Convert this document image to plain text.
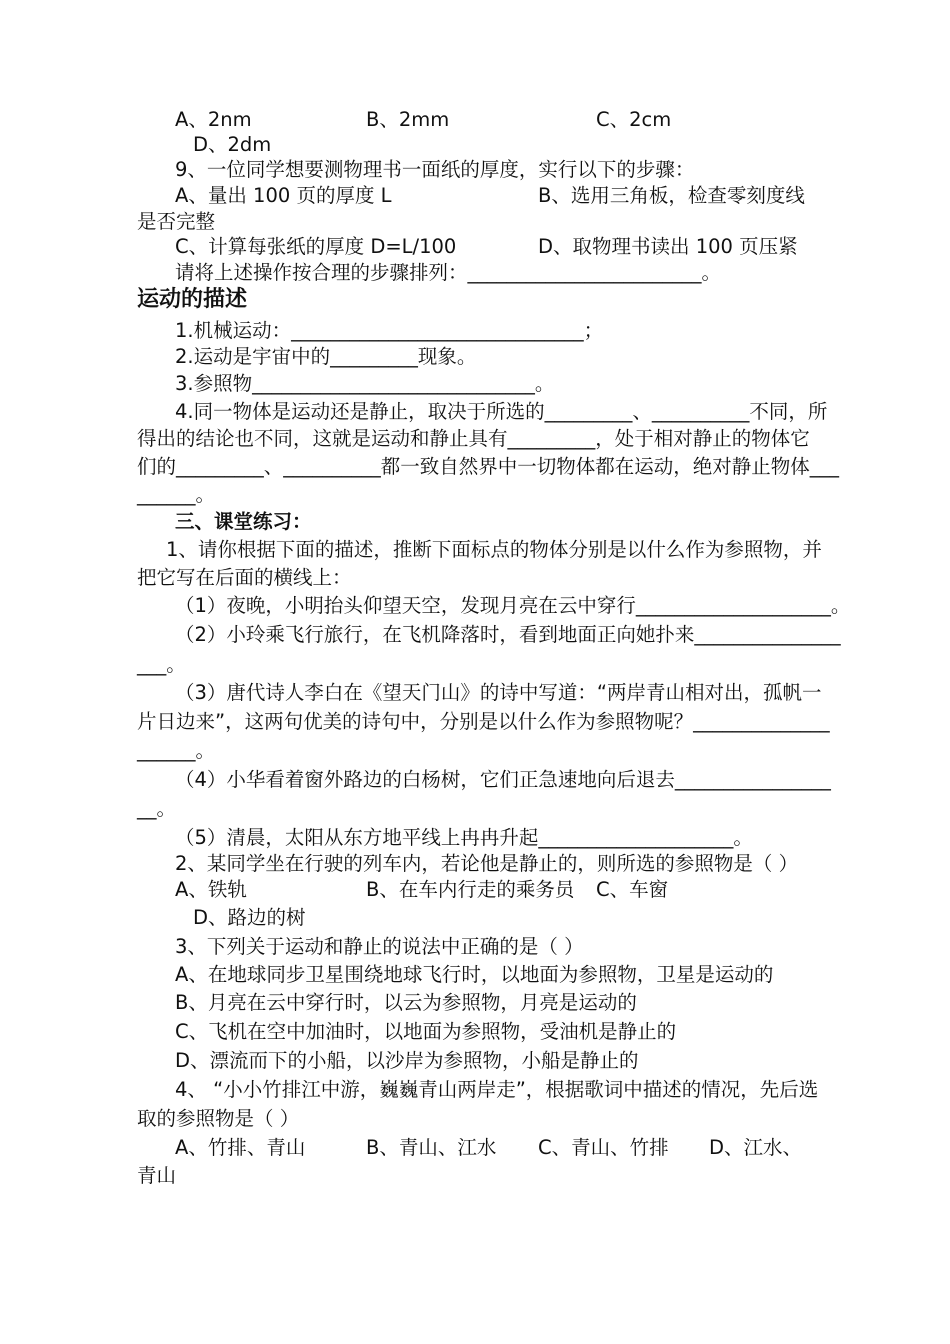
A、2nm	B、2mm	C、2cm
D、2dm
9、一位同学想要测物理书一面纸的厚度，实行以下的步骤：
A、量出 100 页的厚度 L	B、选用三角板，检查零刻度线
是否完整
C、计算每张纸的厚度 D=L/100	D、取物理书读出 100 页压紧
请将上述操作按合理的步骤排列：________________________。
运动的描述
1.机械运动：______________________________；
2.运动是宇宙中的_________现象。
3.参照物_____________________________。
4.同一物体是运动还是静止，取决于所选的_________、__________不同，所
得出的结论也不同，这就是运动和静止具有_________，处于相对静止的物体它
们的_________、__________都一致自然界中一切物体都在运动，绝对静止物体___
______。
三、课堂练习：
1、请你根据下面的描述，推断下面标点的物体分别是以什么作为参照物，并
把它写在后面的横线上：
（1）夜晚，小明抬头仰望天空，发现月亮在云中穿行____________________。
（2）小玲乘飞行旅行，在飞机降落时，看到地面正向她扑来_______________
___。
（3）唐代诗人李白在《望天门山》的诗中写道：“两岸青山相对出，孤帆一
片日边来”，这两句优美的诗句中，分别是以什么作为参照物呢？______________
______。
（4）小华看着窗外路边的白杨树，它们正急速地向后退去________________
__。
（5）清晨，太阳从东方地平线上冉冉升起____________________。
2、某同学坐在行驶的列车内，若论他是静止的，则所选的参照物是（ ）
A、铁轨	B、在车内行走的乘务员 C、车窗
D、路边的树
3、下列关于运动和静止的说法中正确的是（ ）
A、在地球同步卫星围绕地球飞行时，以地面为参照物，卫星是运动的
B、月亮在云中穿行时，以云为参照物，月亮是运动的
C、飞机在空中加油时，以地面为参照物，受油机是静止的
D、漂流而下的小船，以沙岸为参照物，小船是静止的
4、 “小小竹排江中游，巍巍青山两岸走”，根据歌词中描述的情况，先后选
取的参照物是（ ）
A、竹排、青山	B、青山、江水 C、青山、竹排 D、江水、
青山
